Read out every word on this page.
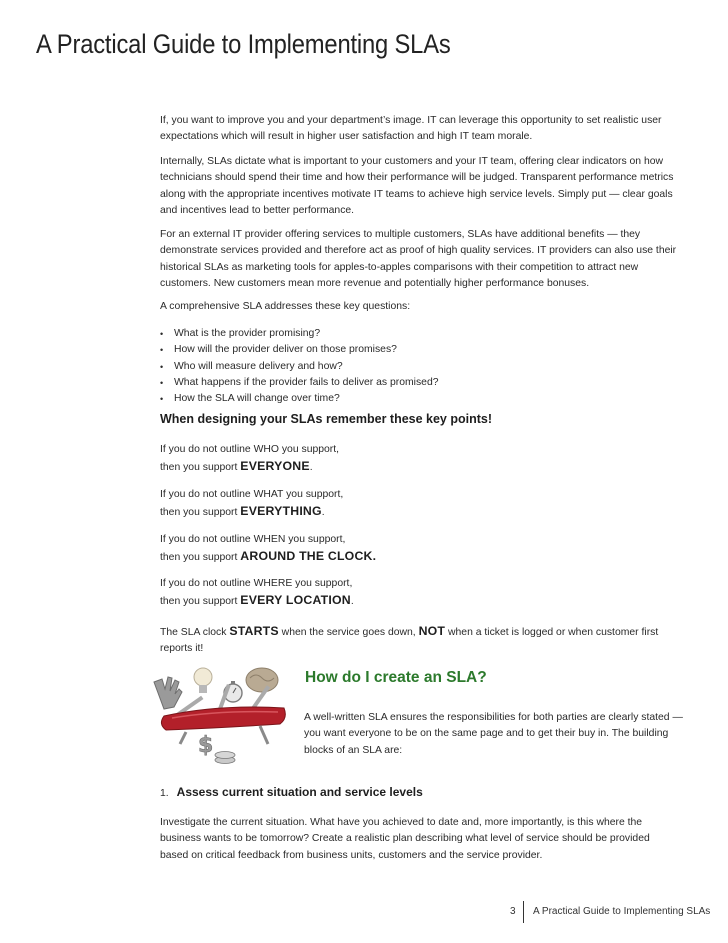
A Practical Guide to Implementing SLAs

If, you want to improve you and your department’s image. IT can leverage this opportunity to set realistic user expectations which will result in higher user satisfaction and high IT team morale.

Internally, SLAs dictate what is important to your customers and your IT team, offering clear indicators on how technicians should spend their time and how their performance will be judged. Transparent performance metrics along with the appropriate incentives motivate IT teams to achieve high service levels. Simply put — clear goals and incentives lead to better performance.

For an external IT provider offering services to multiple customers, SLAs have additional benefits — they demonstrate services provided and therefore act as proof of high quality services. IT providers can also use their historical SLAs as marketing tools for apples-to-apples comparisons with their competition to attract new customers. New customers mean more revenue and potentially higher performance bonuses.

A comprehensive SLA addresses these key questions:

• What is the provider promising?
• How will the provider deliver on those promises?
• Who will measure delivery and how?
• What happens if the provider fails to deliver as promised?
• How the SLA will change over time?
When designing your SLAs remember these key points!
If you do not outline WHO you support,
then you support EVERYONE.
If you do not outline WHAT you support,
then you support EVERYTHING.
If you do not outline WHEN you support,
then you support AROUND THE CLOCK.
If you do not outline WHERE you support,
then you support EVERY LOCATION.
The SLA clock STARTS when the service goes down, NOT when a ticket is logged or when customer first reports it!
$
How do I create an SLA?
A well-written SLA ensures the responsibilities for both parties are clearly stated — you want everyone to be on the same page and to get their buy in. The building blocks of an SLA are:
1. Assess current situation and service levels

Investigate the current situation. What have you achieved to date and, more importantly, is this where the business wants to be tomorrow? Create a realistic plan describing what level of service should be provided based on critical feedback from business units, customers and the service provider.

3 A Practical Guide to Implementing SLAs
